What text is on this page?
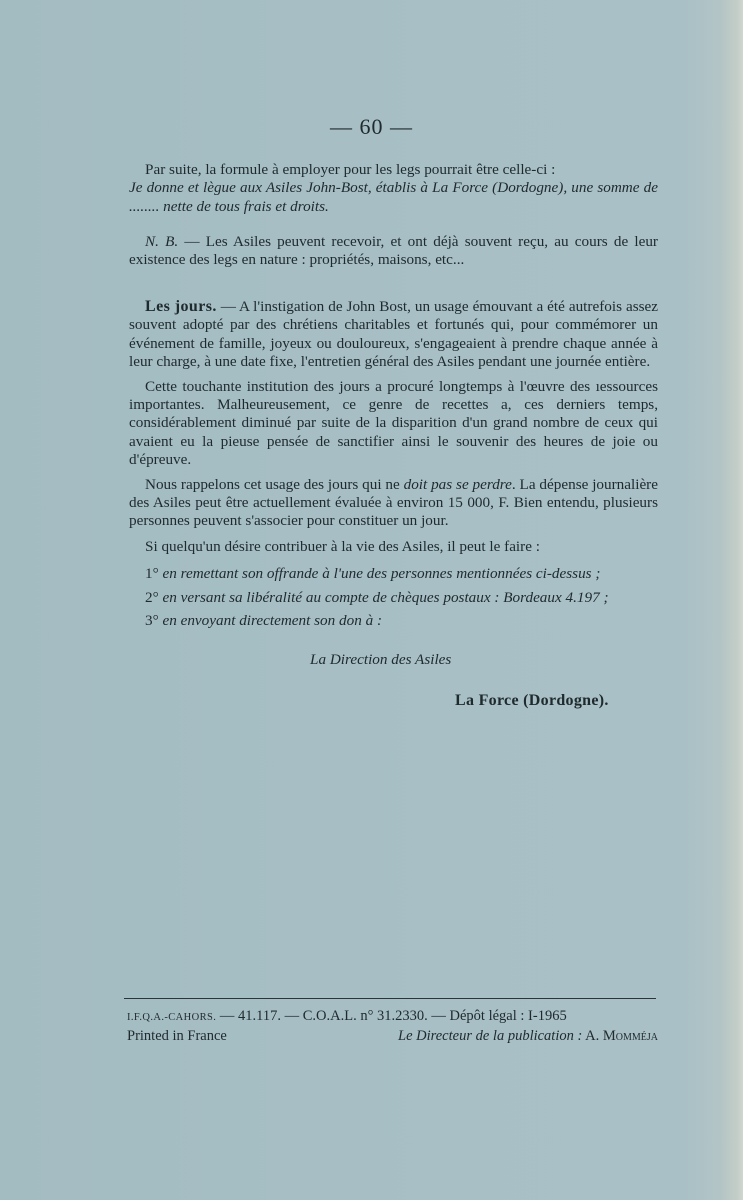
— 60 —

Par suite, la formule à employer pour les legs pourrait être celle-ci :

Je donne et lègue aux Asiles John-Bost, établis à La Force (Dordogne), une somme de ........ nette de tous frais et droits.

N. B. — Les Asiles peuvent recevoir, et ont déjà souvent reçu, au cours de leur existence des legs en nature : propriétés, maisons, etc...

Les jours. — A l'instigation de John Bost, un usage émouvant a été autrefois assez souvent adopté par des chrétiens charitables et fortunés qui, pour commémorer un événement de famille, joyeux ou douloureux, s'engageaient à prendre chaque année à leur charge, à une date fixe, l'entretien général des Asiles pendant une journée entière.

Cette touchante institution des jours a procuré longtemps à l'œuvre des ıessources importantes. Malheureusement, ce genre de recettes a, ces derniers temps, considérablement diminué par suite de la disparition d'un grand nombre de ceux qui avaient eu la pieuse pensée de sanctifier ainsi le souvenir des heures de joie ou d'épreuve.

Nous rappelons cet usage des jours qui ne doit pas se perdre. La dépense journalière des Asiles peut être actuellement évaluée à environ 15 000, F. Bien entendu, plusieurs personnes peuvent s'associer pour constituer un jour.

Si quelqu'un désire contribuer à la vie des Asiles, il peut le faire :

1° en remettant son offrande à l'une des personnes mentionnées ci-dessus ;

2° en versant sa libéralité au compte de chèques postaux : Bordeaux 4.197 ;

3° en envoyant directement son don à :

La Direction des Asiles
La Force (Dordogne).
I.F.Q.A.-CAHORS. — 41.117. — C.O.A.L. n° 31.2330. — Dépôt légal : I-1965
Printed in France	Le Directeur de la publication : A. Momméja
